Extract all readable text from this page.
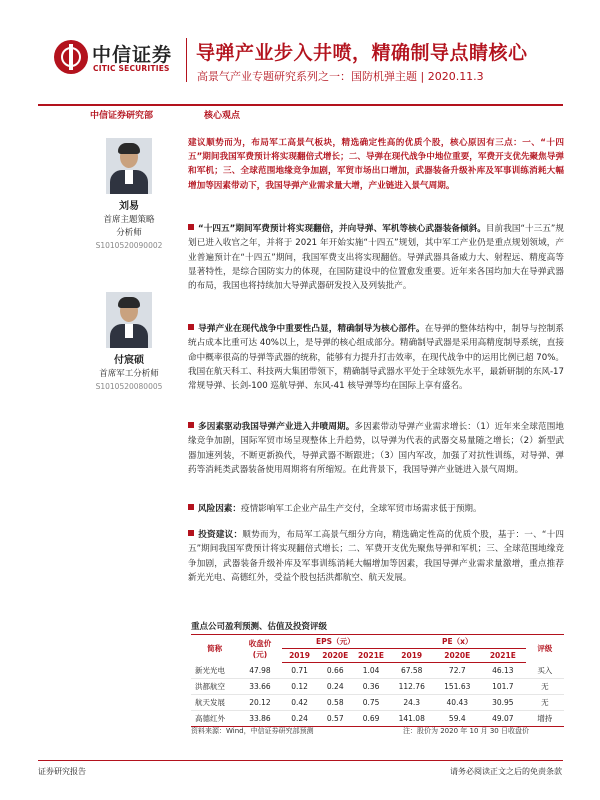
中信证券
CITIC SECURITIES
导弹产业步入井喷，精确制导点睛核心
高景气产业专题研究系列之一：国防机弹主题 | 2020.11.3
中信证券研究部
刘易
首席主题策略
分析师
S1010520090002
付宸硕
首席军工分析师
S1010520080005
核心观点
建议顺势而为，布局军工高景气板块，精选确定性高的优质个股，核心原因有三点：一、“十四五”期间我国军费预计将实现翻倍式增长；二、导弹在现代战争中地位重要，军费开支优先聚焦导弹和军机；三、全球范围地缘竞争加剧，军贸市场出口增加，武器装备升级补库及军事训练消耗大幅增加等因素带动下，我国导弹产业需求量大增，产业链进入景气周期。
“十四五”期间军费预计将实现翻倍，并向导弹、军机等核心武器装备倾斜。目前我国“十三五”规划已进入收官之年，并将于 2021 年开始实施“十四五”规划，其中军工产业仍是重点规划领域，产业普遍预计在“十四五”期间，我国军费支出将实现翻倍。导弹武器具备威力大、射程远、精度高等显著特性，是综合国防实力的体现，在国防建设中的位置愈发重要。近年来各国均加大在导弹武器的布局，我国也将持续加大导弹武器研发投入及列装批产。
导弹产业在现代战争中重要性凸显，精确制导为核心部件。在导弹的整体结构中，制导与控制系统占成本比重可达 40%以上，是导弹的核心组成部分。精确制导武器是采用高精度制导系统，直接命中概率很高的导弹等武器的统称，能够有力提升打击效率，在现代战争中的运用比例已超 70%。我国在航天科工、科技两大集团带领下，精确制导武器水平处于全球领先水平，最新研制的东风-17常规导弹、长剑-100 巡航导弹、东风-41 核导弹等均在国际上享有盛名。
多因素驱动我国导弹产业进入井喷周期。多因素带动导弹产业需求增长：（1）近年来全球范围地缘竞争加剧，国际军贸市场呈现整体上升趋势，以导弹为代表的武器交易量随之增长；（2）新型武器加速列装，不断更新换代，导弹武器不断跟进；（3）国内军改，加强了对抗性训练，对导弹、弹药等消耗类武器装备使用周期将有所缩短。在此背景下，我国导弹产业链进入景气周期。
风险因素：疫情影响军工企业产品生产交付，全球军贸市场需求低于预期。
投资建议：顺势而为，布局军工高景气细分方向，精选确定性高的优质个股，基于：一、“十四五”期间我国军费预计将实现翻倍式增长；二、军费开支优先聚焦导弹和军机；三、全球范围地缘竞争加剧，武器装备升级补库及军事训练消耗大幅增加等因素，我国导弹产业需求量激增，重点推荐新光光电、高德红外，受益个股包括洪都航空、航天发展。
重点公司盈利预测、估值及投资评级
简称	收盘价
(元)	EPS（元）			PE（x）			评级
		2019	2020E	2021E	2019	2020E	2021E	
新光光电	47.98	0.71	0.66	1.04	67.58	72.7	46.13	买入
洪都航空	33.66	0.12	0.24	0.36	112.76	151.63	101.7	无
航天发展	20.12	0.42	0.58	0.75	24.3	40.43	30.95	无
高德红外	33.86	0.24	0.57	0.69	141.08	59.4	49.07	增持
资料来源：Wind，中信证券研究部预测	注：股价为 2020 年 10 月 30 日收盘价
证券研究报告	请务必阅读正文之后的免责条款
